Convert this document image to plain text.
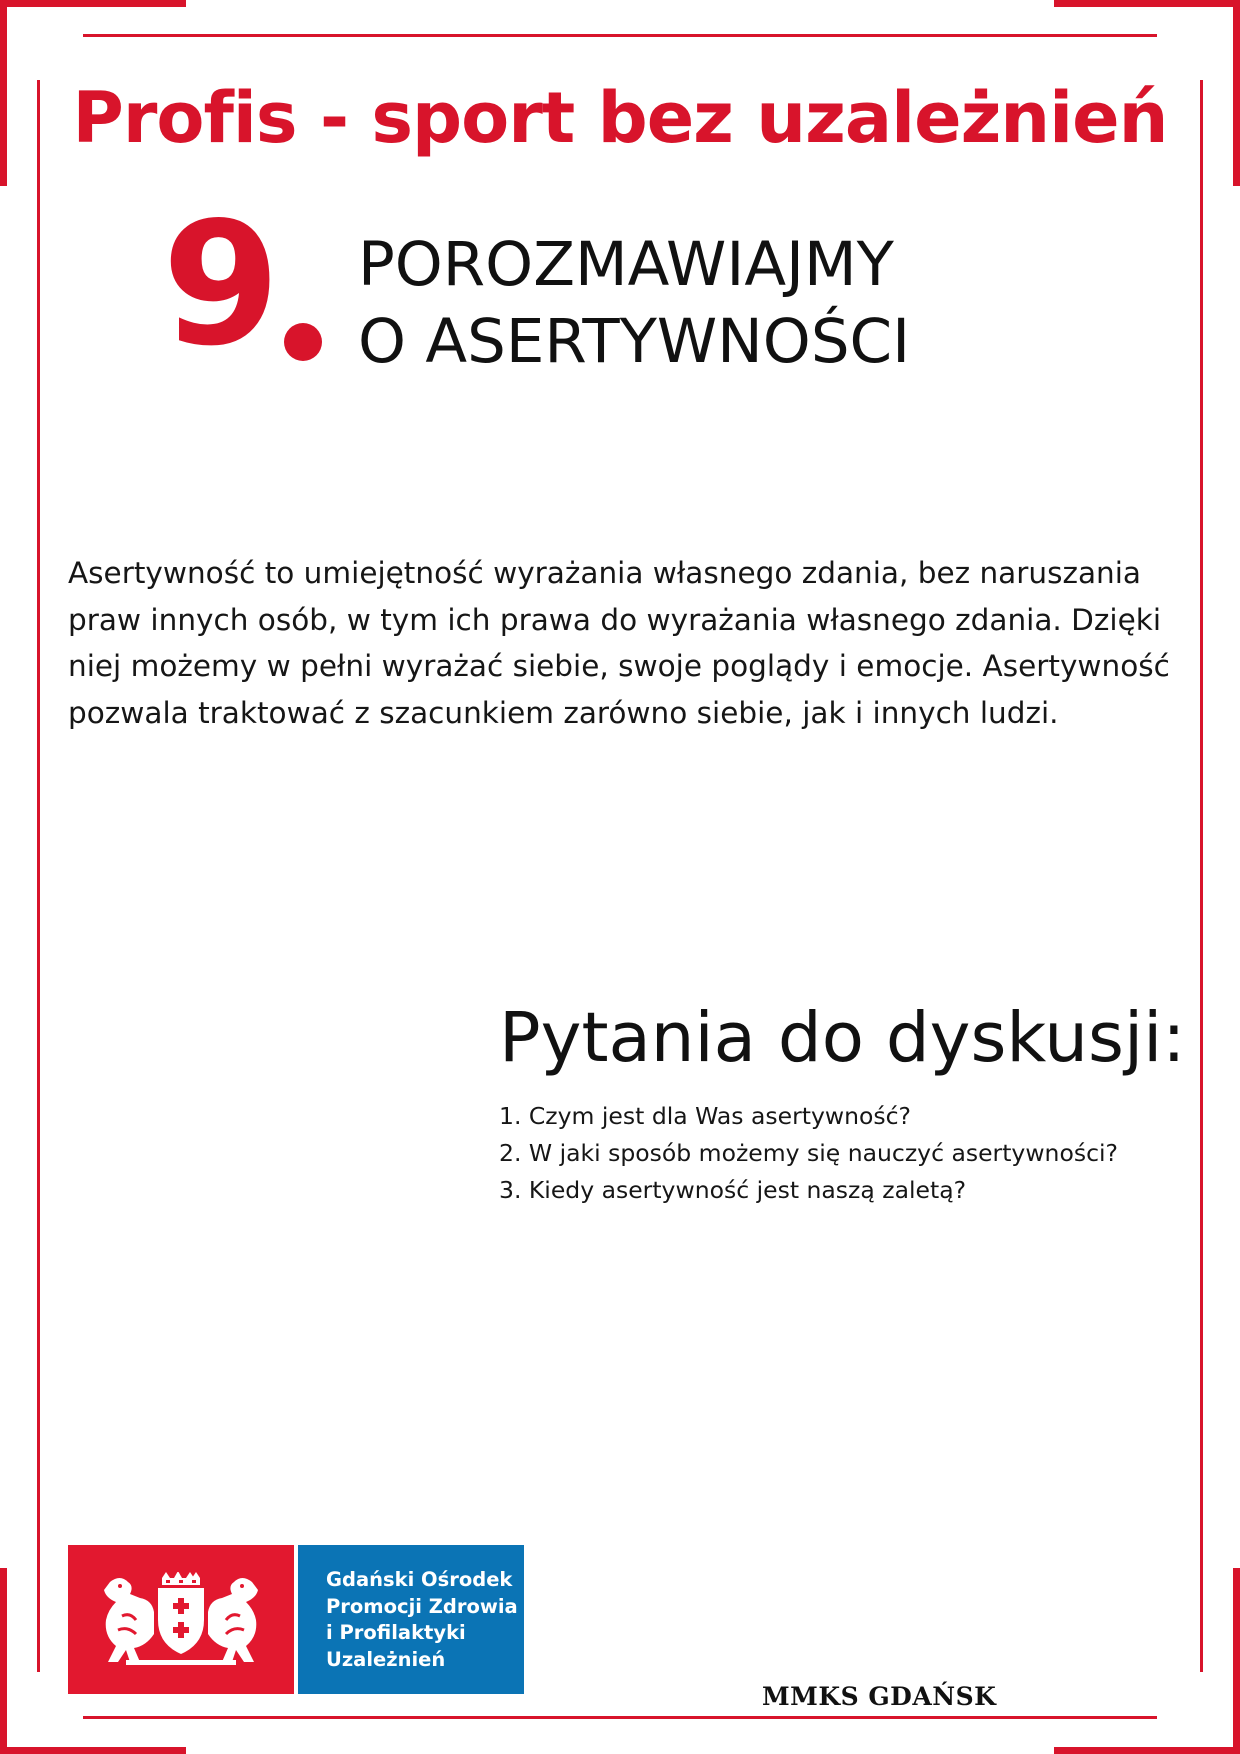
Profis - sport bez uzależnień
9 POROZMAWIAJMY
O ASERTYWNOŚCI
Asertywność to umiejętność wyrażania własnego zdania, bez naruszania praw innych osób, w tym ich prawa do wyrażania własnego zdania. Dzięki niej możemy w pełni wyrażać siebie, swoje poglądy i emocje. Asertywność pozwala traktować z szacunkiem zarówno siebie, jak i innych ludzi.
Pytania do dyskusji:
1. Czym jest dla Was asertywność?
2. W jaki sposób możemy się nauczyć asertywności?
3. Kiedy asertywność jest naszą zaletą?
Gdański Ośrodek
Promocji Zdrowia
i Profilaktyki
Uzależnień
MMKS GDAŃSK
